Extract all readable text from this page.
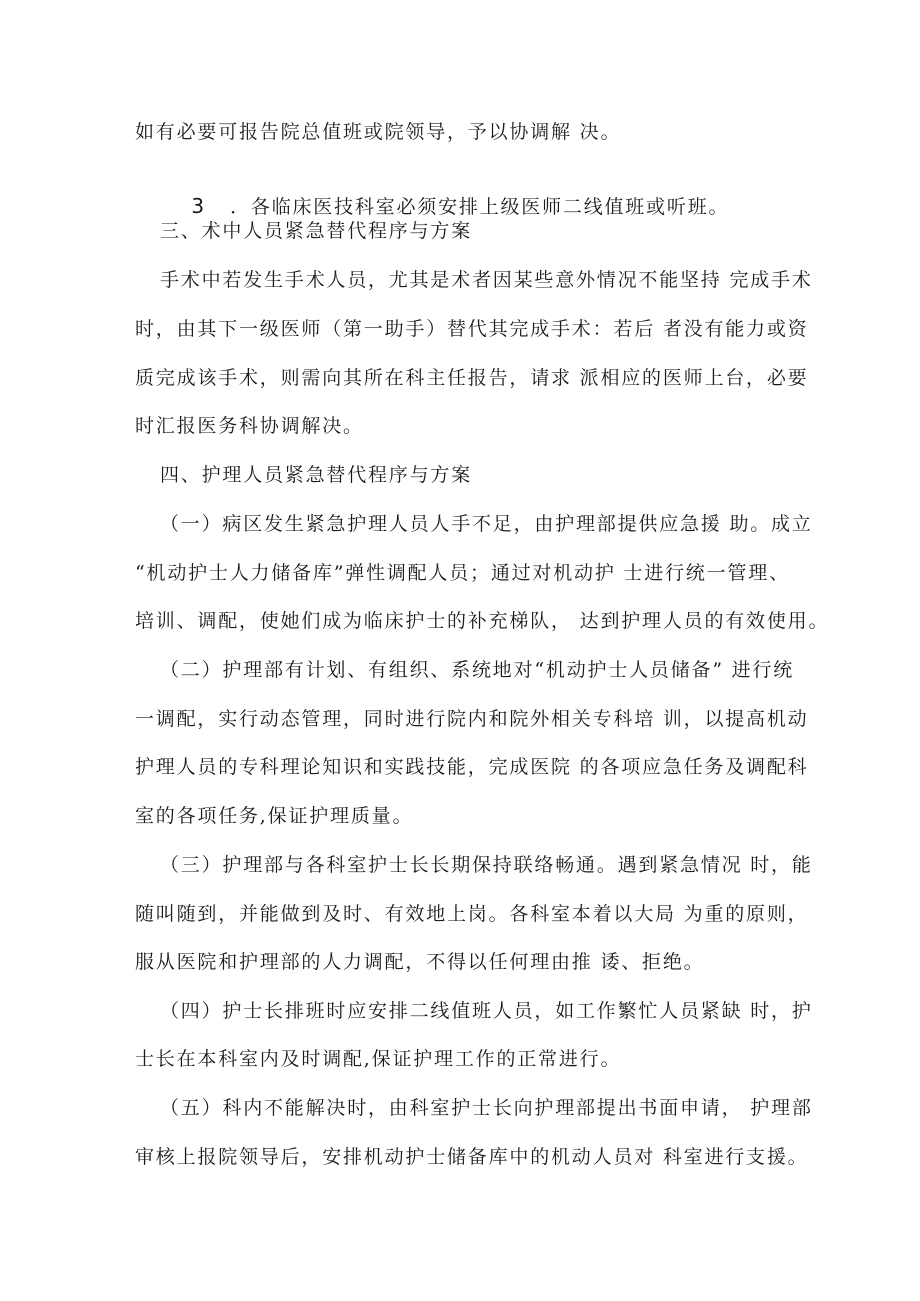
如有必要可报告院总值班或院领导，予以协调解 决。

3 ．各临床医技科室必须安排上级医师二线值班或听班。

三、术中人员紧急替代程序与方案
手术中若发生手术人员，尤其是术者因某些意外情况不能坚持 完成手术
时，由其下一级医师（第一助手）替代其完成手术：若后 者没有能力或资
质完成该手术，则需向其所在科主任报告，请求 派相应的医师上台，必要
时汇报医务科协调解决。
四、护理人员紧急替代程序与方案
（一）病区发生紧急护理人员人手不足，由护理部提供应急援 助。成立
“机动护士人力储备库”弹性调配人员；通过对机动护 士进行统一管理、
培训、调配，使她们成为临床护士的补充梯队， 达到护理人员的有效使用。
（二）护理部有计划、有组织、系统地对“机动护士人员储备” 进行统
一调配，实行动态管理，同时进行院内和院外相关专科培 训，以提高机动
护理人员的专科理论知识和实践技能，完成医院 的各项应急任务及调配科
室的各项任务,保证护理质量。
（三）护理部与各科室护士长长期保持联络畅通。遇到紧急情况 时，能
随叫随到，并能做到及时、有效地上岗。各科室本着以大局 为重的原则，
服从医院和护理部的人力调配，不得以任何理由推 诿、拒绝。
（四）护士长排班时应安排二线值班人员，如工作繁忙人员紧缺 时，护
士长在本科室内及时调配,保证护理工作的正常进行。
（五）科内不能解决时，由科室护士长向护理部提出书面申请， 护理部
审核上报院领导后，安排机动护士储备库中的机动人员对 科室进行支援。
